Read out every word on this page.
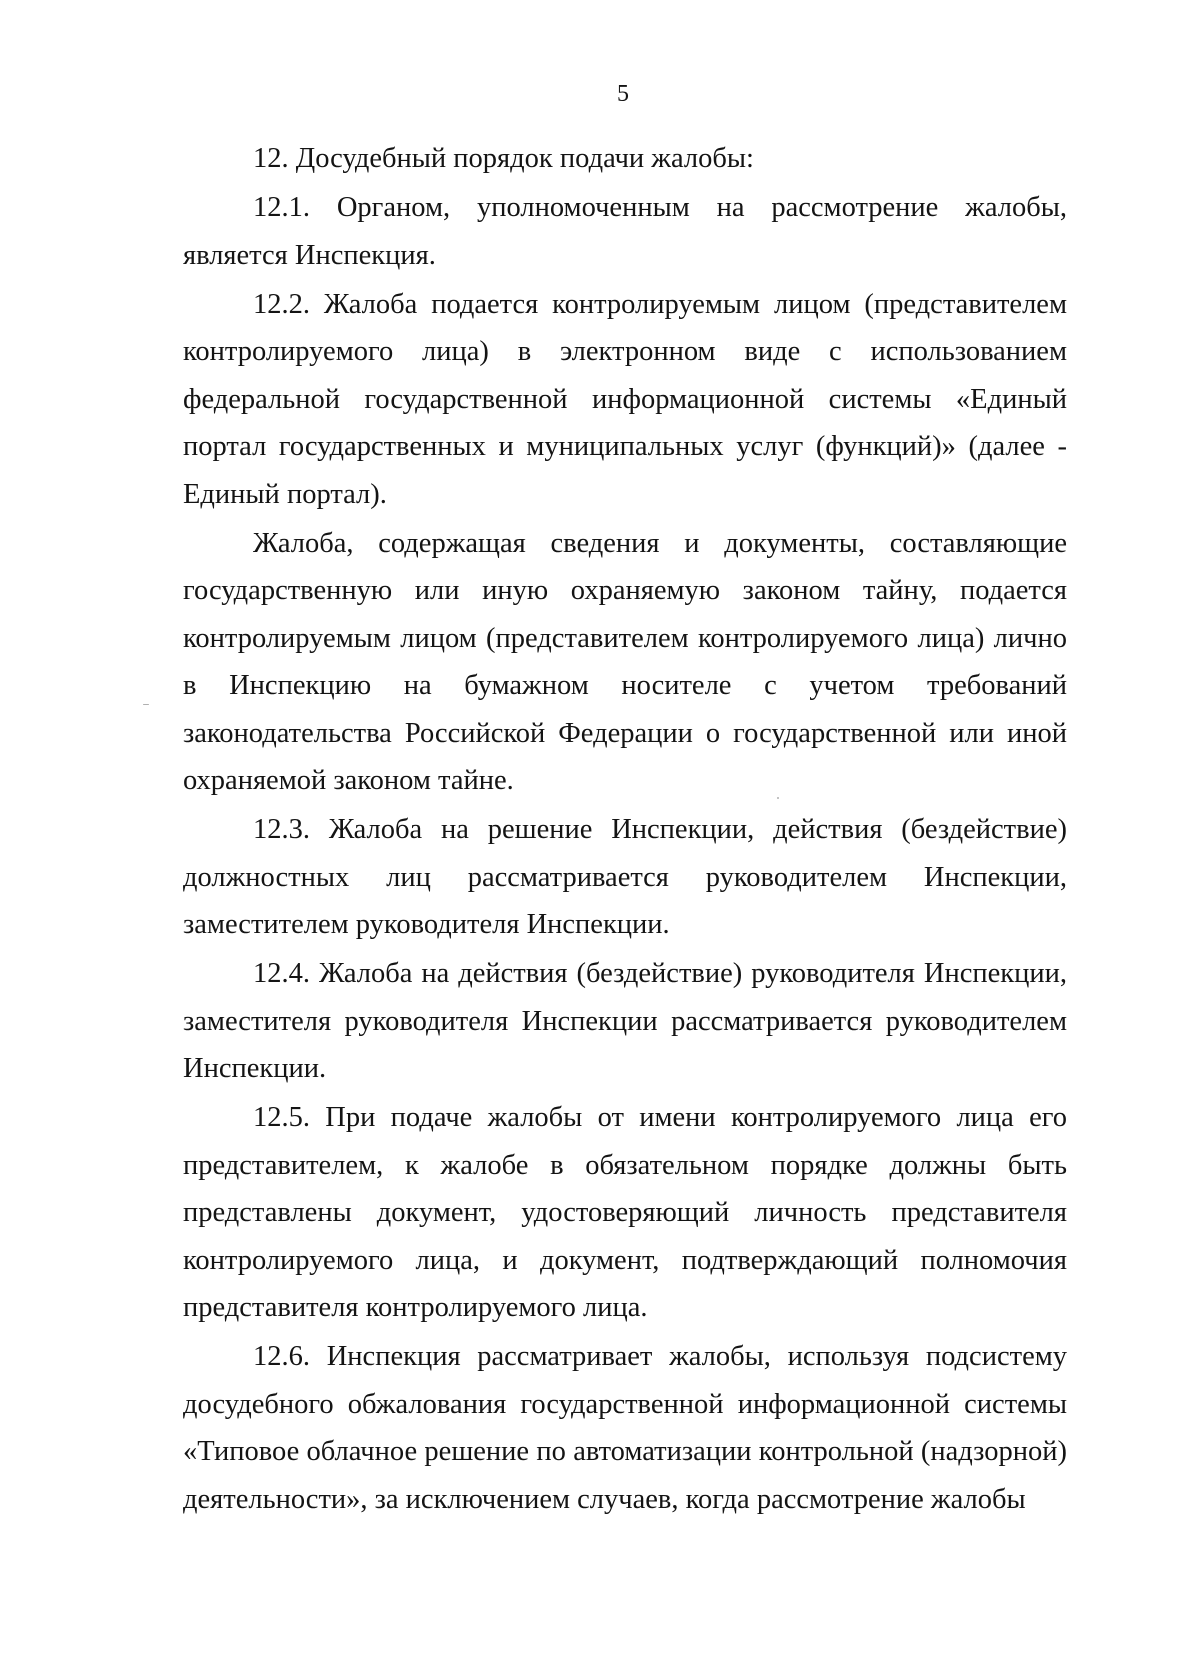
5

12. Досудебный порядок подачи жалобы:

12.1. Органом, уполномоченным на рассмотрение жалобы, является Инспекция.

12.2. Жалоба подается контролируемым лицом (представителем контролируемого лица) в электронном виде с использованием федеральной государственной информационной системы «Единый портал государственных и муниципальных услуг (функций)» (далее - Единый портал).

Жалоба, содержащая сведения и документы, составляющие государственную или иную охраняемую законом тайну, подается контролируемым лицом (представителем контролируемого лица) лично в Инспекцию на бумажном носителе с учетом требований законодательства Российской Федерации о государственной или иной охраняемой законом тайне.

12.3. Жалоба на решение Инспекции, действия (бездействие) должностных лиц рассматривается руководителем Инспекции, заместителем руководителя Инспекции.

12.4. Жалоба на действия (бездействие) руководителя Инспекции, заместителя руководителя Инспекции рассматривается руководителем Инспекции.

12.5. При подаче жалобы от имени контролируемого лица его представителем, к жалобе в обязательном порядке должны быть представлены документ, удостоверяющий личность представителя контролируемого лица, и документ, подтверждающий полномочия представителя контролируемого лица.

12.6. Инспекция рассматривает жалобы, используя подсистему досудебного обжалования государственной информационной системы «Типовое облачное решение по автоматизации контрольной (надзорной) деятельности», за исключением случаев, когда рассмотрение жалобы
